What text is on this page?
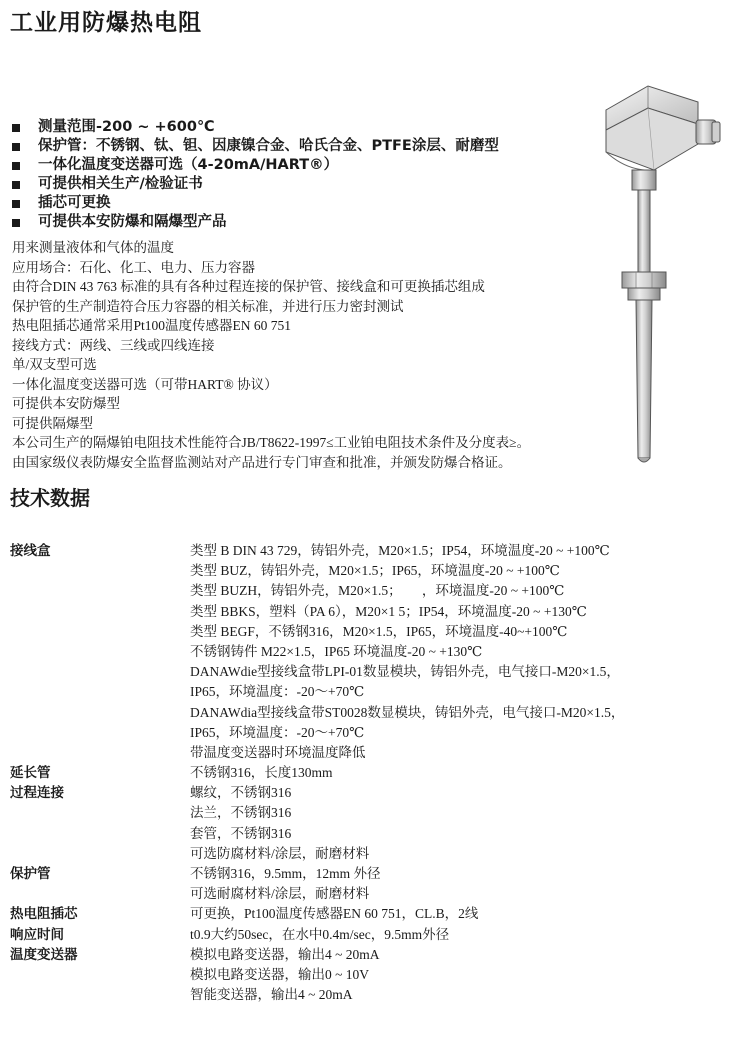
工业用防爆热电阻
测量范围-200 ~ +600℃
保护管：不锈钢、钛、钽、因康镍合金、哈氏合金、PTFE涂层、耐磨型
一体化温度变送器可选（4-20mA/HART®）
可提供相关生产/检验证书
插芯可更换
可提供本安防爆和隔爆型产品
用来测量液体和气体的温度
应用场合：石化、化工、电力、压力容器
由符合DIN 43 763 标准的具有各种过程连接的保护管、接线盒和可更换插芯组成
保护管的生产制造符合压力容器的相关标准，并进行压力密封测试
热电阻插芯通常采用Pt100温度传感器EN 60 751
接线方式：两线、三线或四线连接
单/双支型可选
一体化温度变送器可选（可带HART® 协议）
可提供本安防爆型
可提供隔爆型
本公司生产的隔爆铂电阻技术性能符合JB/T8622-1997≤工业铂电阻技术条件及分度表≥。
由国家级仪表防爆安全监督监测站对产品进行专门审查和批准，并颁发防爆合格证。
技术数据
接线盒	类型 B DIN 43 729，铸铝外壳，M20×1.5；IP54，环境温度-20 ~ +100℃
类型 BUZ，铸铝外壳，M20×1.5；IP65，环境温度-20 ~ +100℃
类型 BUZH，铸铝外壳，M20×1.5；　　，环境温度-20 ~ +100℃
类型 BBKS，塑料（PA 6），M20×1 5；IP54，环境温度-20 ~ +130℃
类型 BEGF，不锈钢316，M20×1.5，IP65，环境温度-40~+100℃
不锈钢铸件 M22×1.5，IP65 环境温度-20 ~ +130℃
DANAWdie型接线盒带LPI-01数显模块，铸铝外壳，电气接口-M20×1.5，
IP65，环境温度：-20～+70℃
DANAWdia型接线盒带ST0028数显模块，铸铝外壳，电气接口-M20×1.5，
IP65，环境温度：-20～+70℃
带温度变送器时环境温度降低
延长管	不锈钢316，长度130mm
过程连接	螺纹，不锈钢316
法兰，不锈钢316
套管，不锈钢316
可选防腐材料/涂层，耐磨材料
保护管	不锈钢316，9.5mm，12mm 外径
可选耐腐材料/涂层，耐磨材料
热电阻插芯	可更换，Pt100温度传感器EN 60 751，CL.B，2线
响应时间	t0.9大约50sec，在水中0.4m/sec，9.5mm外径
温度变送器	模拟电路变送器，输出4 ~ 20mA
模拟电路变送器，输出0 ~ 10V
智能变送器，输出4 ~ 20mA
